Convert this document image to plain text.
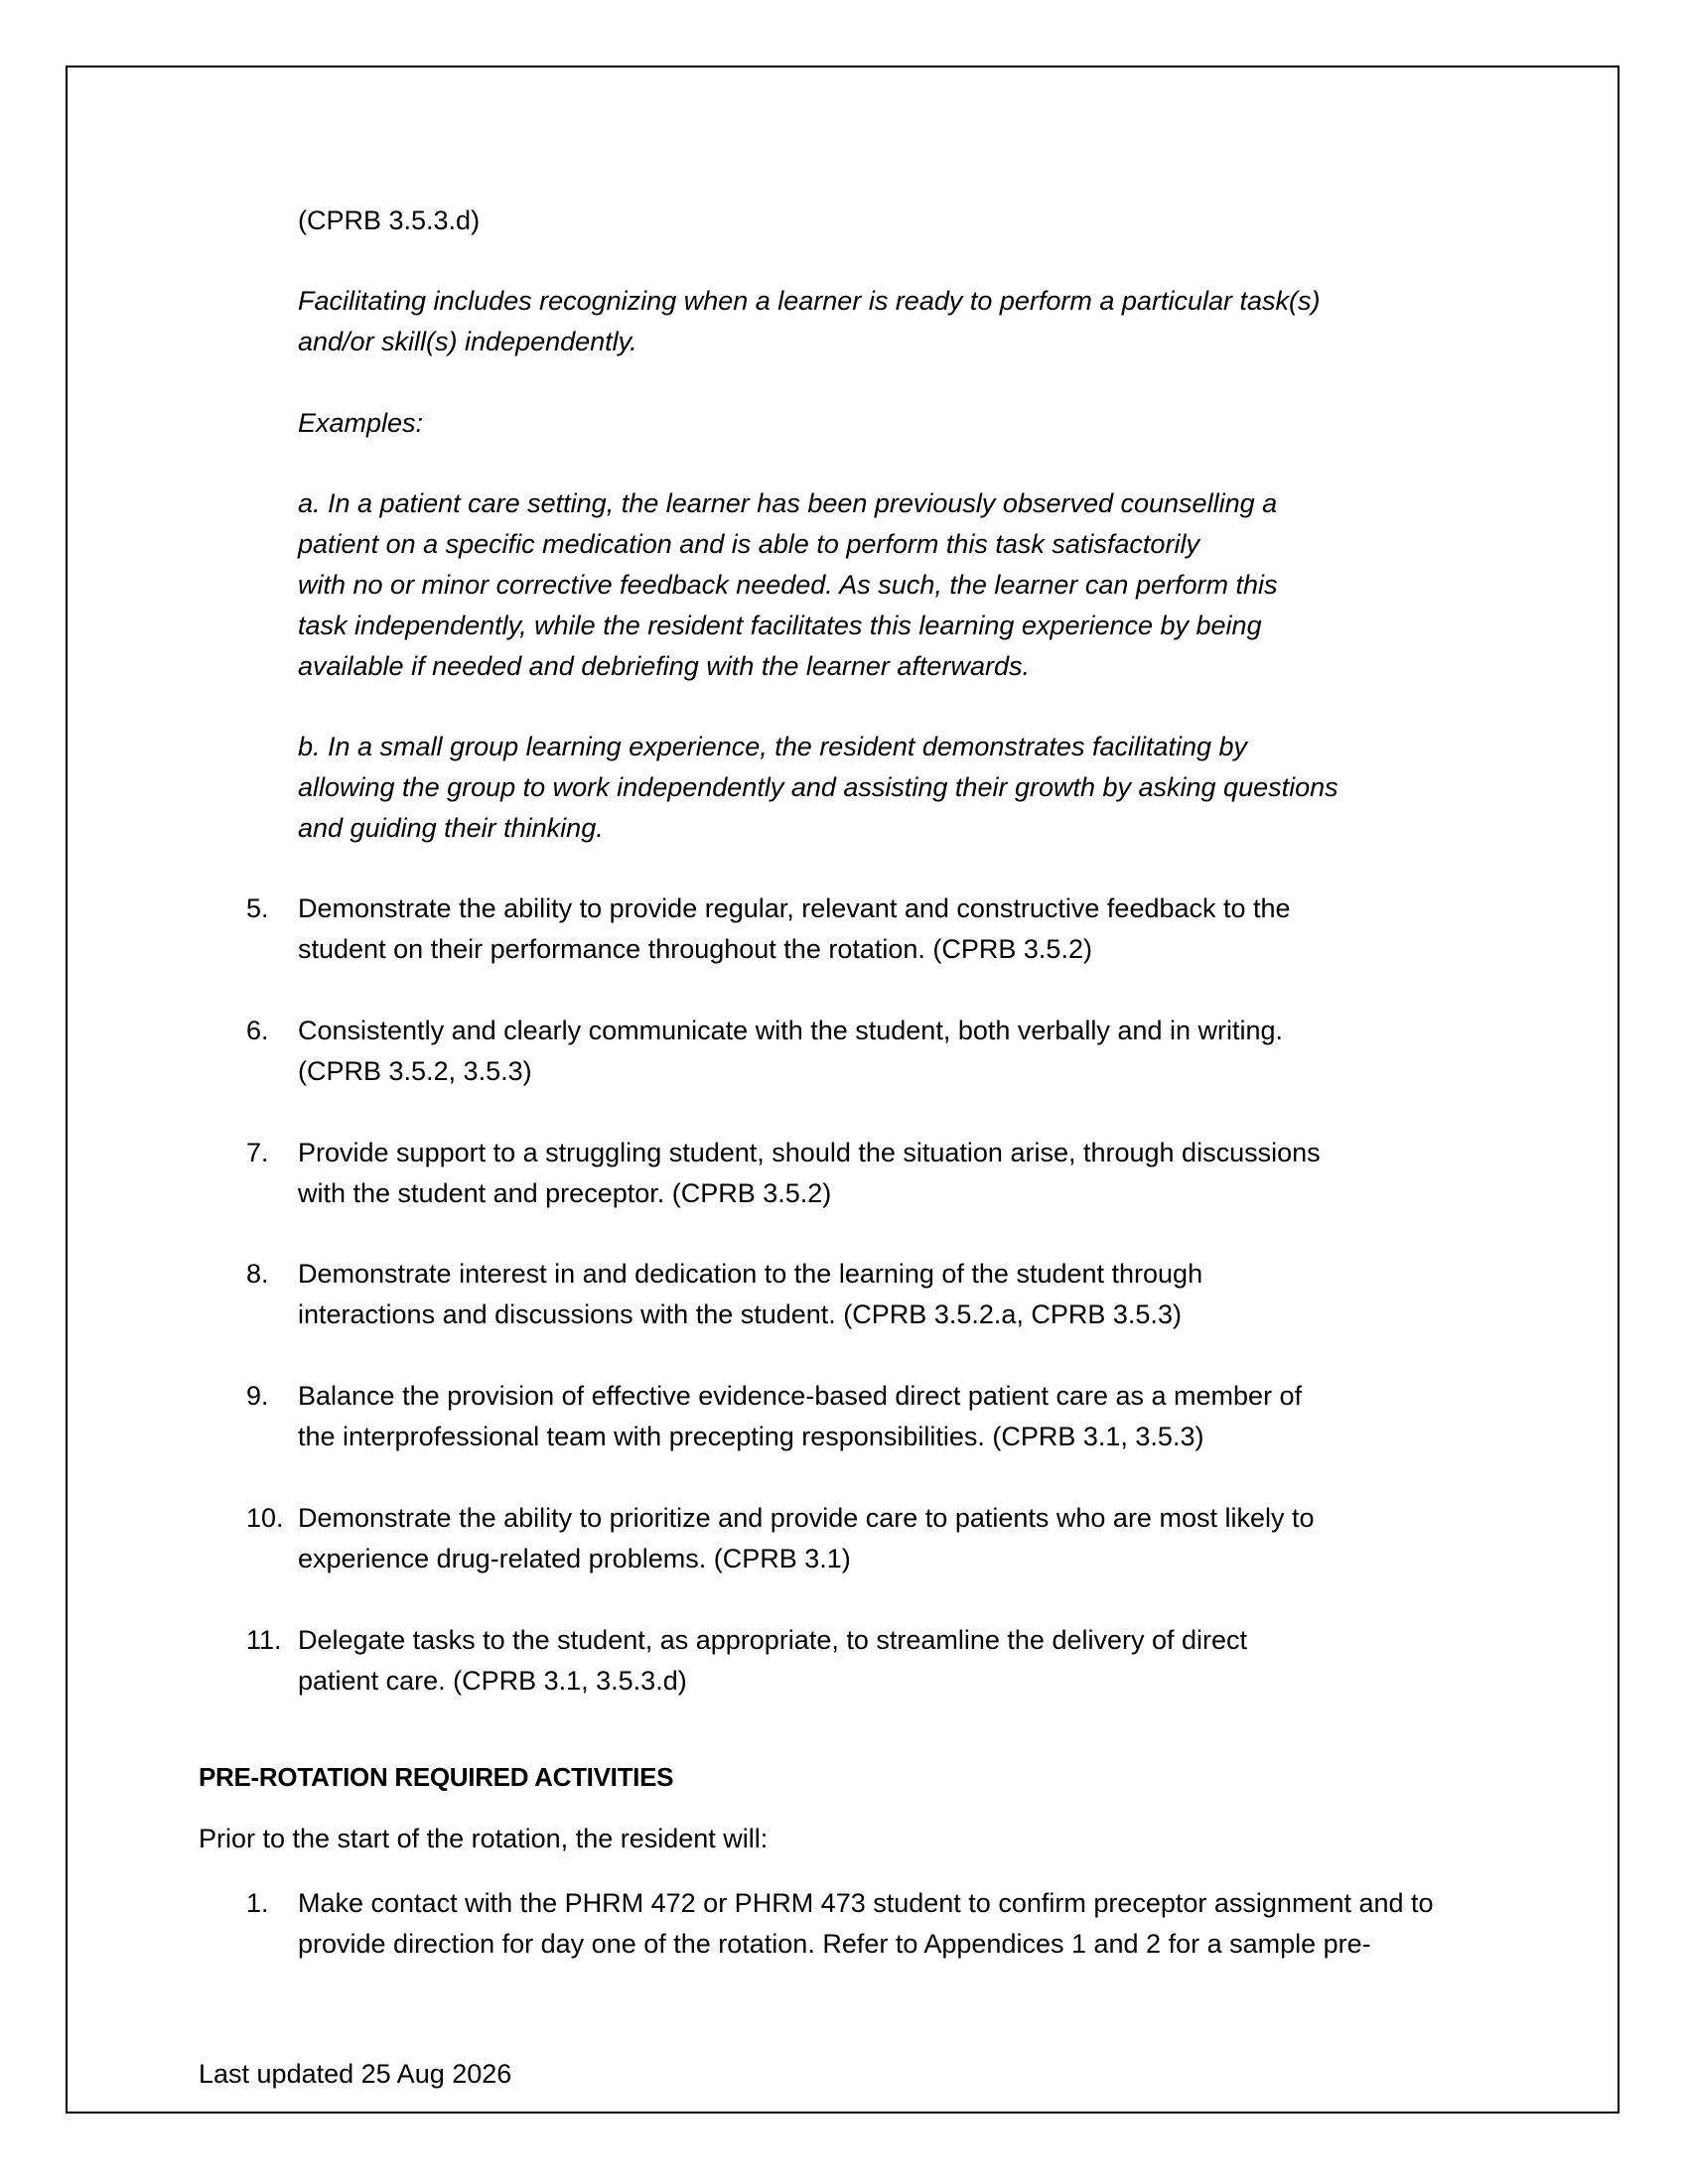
(CPRB 3.5.3.d)
Facilitating includes recognizing when a learner is ready to perform a particular task(s)
and/or skill(s) independently.
Examples:
a. In a patient care setting, the learner has been previously observed counselling a
patient on a specific medication and is able to perform this task satisfactorily
with no or minor corrective feedback needed. As such, the learner can perform this
task independently, while the resident facilitates this learning experience by being
available if needed and debriefing with the learner afterwards.
b. In a small group learning experience, the resident demonstrates facilitating by
allowing the group to work independently and assisting their growth by asking questions
and guiding their thinking.
5. Demonstrate the ability to provide regular, relevant and constructive feedback to the
student on their performance throughout the rotation. (CPRB 3.5.2)
6. Consistently and clearly communicate with the student, both verbally and in writing.
(CPRB 3.5.2, 3.5.3)
7. Provide support to a struggling student, should the situation arise, through discussions
with the student and preceptor. (CPRB 3.5.2)
8. Demonstrate interest in and dedication to the learning of the student through
interactions and discussions with the student. (CPRB 3.5.2.a, CPRB 3.5.3)
9. Balance the provision of effective evidence-based direct patient care as a member of
the interprofessional team with precepting responsibilities. (CPRB 3.1, 3.5.3)
10. Demonstrate the ability to prioritize and provide care to patients who are most likely to
experience drug-related problems. (CPRB 3.1)
11. Delegate tasks to the student, as appropriate, to streamline the delivery of direct
patient care. (CPRB 3.1, 3.5.3.d)
PRE-ROTATION REQUIRED ACTIVITIES
Prior to the start of the rotation, the resident will:
1. Make contact with the PHRM 472 or PHRM 473 student to confirm preceptor assignment and to
provide direction for day one of the rotation. Refer to Appendices 1 and 2 for a sample pre-
Last updated 25 Aug 2026
